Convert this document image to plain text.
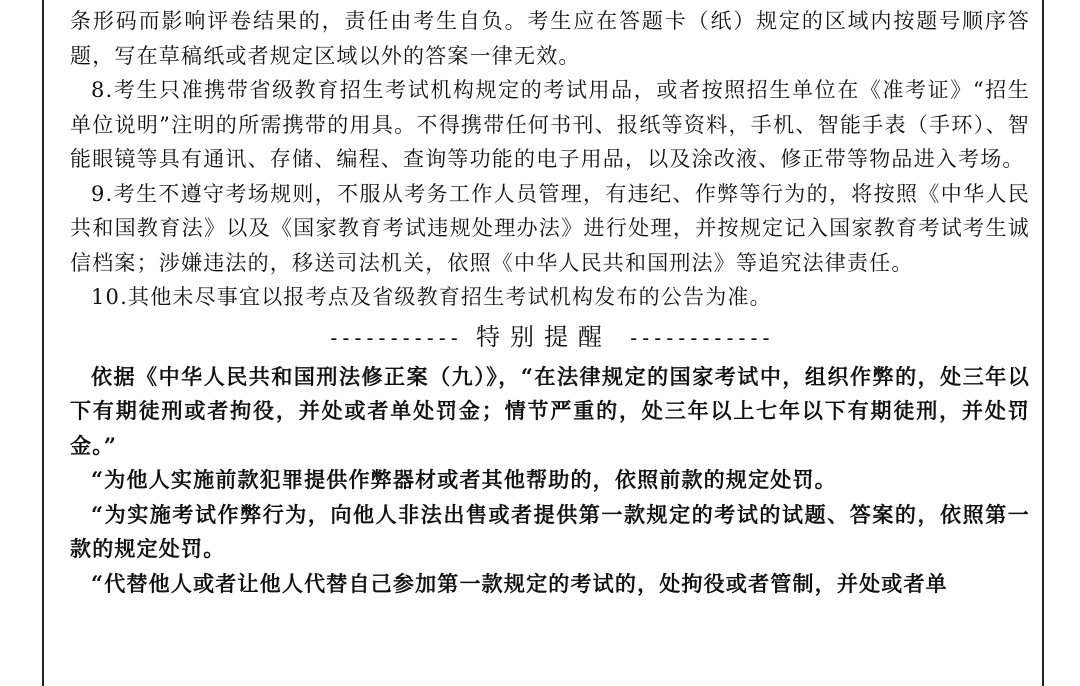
条形码而影响评卷结果的，责任由考生自负。考生应在答题卡（纸）规定的区域内按题号顺序答题，写在草稿纸或者规定区域以外的答案一律无效。

8.考生只准携带省级教育招生考试机构规定的考试用品，或者按照招生单位在《准考证》“招生单位说明”注明的所需携带的用具。不得携带任何书刊、报纸等资料，手机、智能手表（手环）、智能眼镜等具有通讯、存储、编程、查询等功能的电子用品，以及涂改液、修正带等物品进入考场。

9.考生不遵守考场规则，不服从考务工作人员管理，有违纪、作弊等行为的，将按照《中华人民共和国教育法》以及《国家教育考试违规处理办法》进行处理，并按规定记入国家教育考试考生诚信档案；涉嫌违法的，移送司法机关，依照《中华人民共和国刑法》等追究法律责任。

10.其他未尽事宜以报考点及省级教育招生考试机构发布的公告为准。

----------- 特别提醒 ------------

依据《中华人民共和国刑法修正案（九）》，“在法律规定的国家考试中，组织作弊的，处三年以下有期徒刑或者拘役，并处或者单处罚金；情节严重的，处三年以上七年以下有期徒刑，并处罚金。”

“为他人实施前款犯罪提供作弊器材或者其他帮助的，依照前款的规定处罚。

“为实施考试作弊行为，向他人非法出售或者提供第一款规定的考试的试题、答案的，依照第一款的规定处罚。

“代替他人或者让他人代替自己参加第一款规定的考试的，处拘役或者管制，并处或者单
